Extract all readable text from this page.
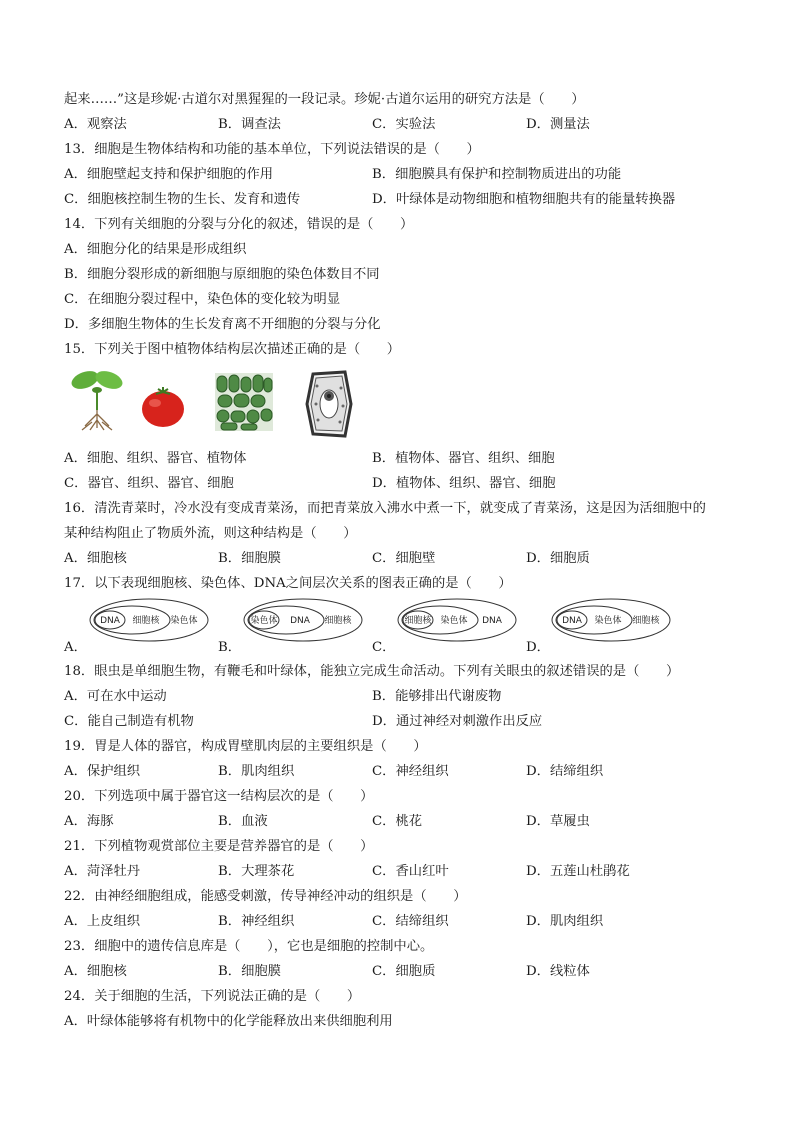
起来……”这是珍妮·古道尔对黑猩猩的一段记录。珍妮·古道尔运用的研究方法是（　　）
A．观察法	B．调查法	C．实验法	D．测量法
13．细胞是生物体结构和功能的基本单位，下列说法错误的是（　　）
A．细胞壁起支持和保护细胞的作用	B．细胞膜具有保护和控制物质进出的功能
C．细胞核控制生物的生长、发育和遗传	D．叶绿体是动物细胞和植物细胞共有的能量转换器
14．下列有关细胞的分裂与分化的叙述，错误的是（　　）
A．细胞分化的结果是形成组织
B．细胞分裂形成的新细胞与原细胞的染色体数目不同
C．在细胞分裂过程中，染色体的变化较为明显
D．多细胞生物体的生长发育离不开细胞的分裂与分化
15．下列关于图中植物体结构层次描述正确的是（　　）
A．细胞、组织、器官、植物体	B．植物体、器官、组织、细胞
C．器官、组织、器官、细胞	D．植物体、组织、器官、细胞
16．清洗青菜时，冷水没有变成青菜汤，而把青菜放入沸水中煮一下，就变成了青菜汤，这是因为活细胞中的
某种结构阻止了物质外流，则这种结构是（　　）
A．细胞核	B．细胞膜	C．细胞壁	D．细胞质
17．以下表现细胞核、染色体、DNA之间层次关系的图表正确的是（　　）
DNA 细胞核 染色体	染色体 DNA 细胞核	细胞核 染色体 DNA	DNA 染色体 细胞核
A．	B．	C．	D．
18．眼虫是单细胞生物，有鞭毛和叶绿体，能独立完成生命活动。下列有关眼虫的叙述错误的是（　　）
A．可在水中运动	B．能够排出代谢废物
C．能自己制造有机物	D．通过神经对刺激作出反应
19．胃是人体的器官，构成胃壁肌肉层的主要组织是（　　）
A．保护组织	B．肌肉组织	C．神经组织	D．结缔组织
20．下列选项中属于器官这一结构层次的是（　　）
A．海豚	B．血液	C．桃花	D．草履虫
21．下列植物观赏部位主要是营养器官的是（　　）
A．菏泽牡丹	B．大理茶花	C．香山红叶	D．五莲山杜鹃花
22．由神经细胞组成，能感受刺激，传导神经冲动的组织是（　　）
A．上皮组织	B．神经组织	C．结缔组织	D．肌肉组织
23．细胞中的遗传信息库是（　　），它也是细胞的控制中心。
A．细胞核	B．细胞膜	C．细胞质	D．线粒体
24．关于细胞的生活，下列说法正确的是（　　）
A．叶绿体能够将有机物中的化学能释放出来供细胞利用
